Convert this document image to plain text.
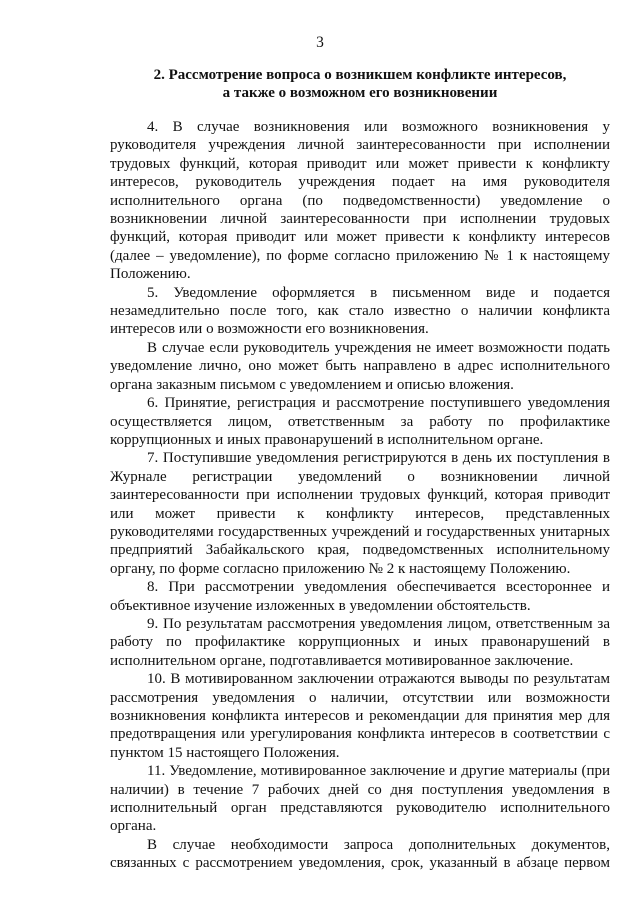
3
2. Рассмотрение вопроса о возникшем конфликте интересов,
а также о возможном его возникновении

4. В случае возникновения или возможного возникновения у руководителя учреждения личной заинтересованности при исполнении трудовых функций, которая приводит или может привести к конфликту интересов, руководитель учреждения подает на имя руководителя исполнительного органа (по подведомственности) уведомление о возникновении личной заинтересованности при исполнении трудовых функций, которая приводит или может привести к конфликту интересов (далее – уведомление), по форме согласно приложению № 1 к настоящему Положению.

5. Уведомление оформляется в письменном виде и подается незамедлительно после того, как стало известно о наличии конфликта интересов или о возможности его возникновения.

В случае если руководитель учреждения не имеет возможности подать уведомление лично, оно может быть направлено в адрес исполнительного органа заказным письмом с уведомлением и описью вложения.

6. Принятие, регистрация и рассмотрение поступившего уведомления осуществляется лицом, ответственным за работу по профилактике коррупционных и иных правонарушений в исполнительном органе.

7. Поступившие уведомления регистрируются в день их поступления в Журнале регистрации уведомлений о возникновении личной заинтересованности при исполнении трудовых функций, которая приводит или может привести к конфликту интересов, представленных руководителями государственных учреждений и государственных унитарных предприятий Забайкальского края, подведомственных исполнительному органу, по форме согласно приложению № 2 к настоящему Положению.

8. При рассмотрении уведомления обеспечивается всестороннее и объективное изучение изложенных в уведомлении обстоятельств.

9. По результатам рассмотрения уведомления лицом, ответственным за работу по профилактике коррупционных и иных правонарушений в исполнительном органе, подготавливается мотивированное заключение.

10. В мотивированном заключении отражаются выводы по результатам рассмотрения уведомления о наличии, отсутствии или возможности возникновения конфликта интересов и рекомендации для принятия мер для предотвращения или урегулирования конфликта интересов в соответствии с пунктом 15 настоящего Положения.

11. Уведомление, мотивированное заключение и другие материалы (при наличии) в течение 7 рабочих дней со дня поступления уведомления в исполнительный орган представляются руководителю исполнительного органа.

В случае необходимости запроса дополнительных документов, связанных с рассмотрением уведомления, срок, указанный в абзаце первом
